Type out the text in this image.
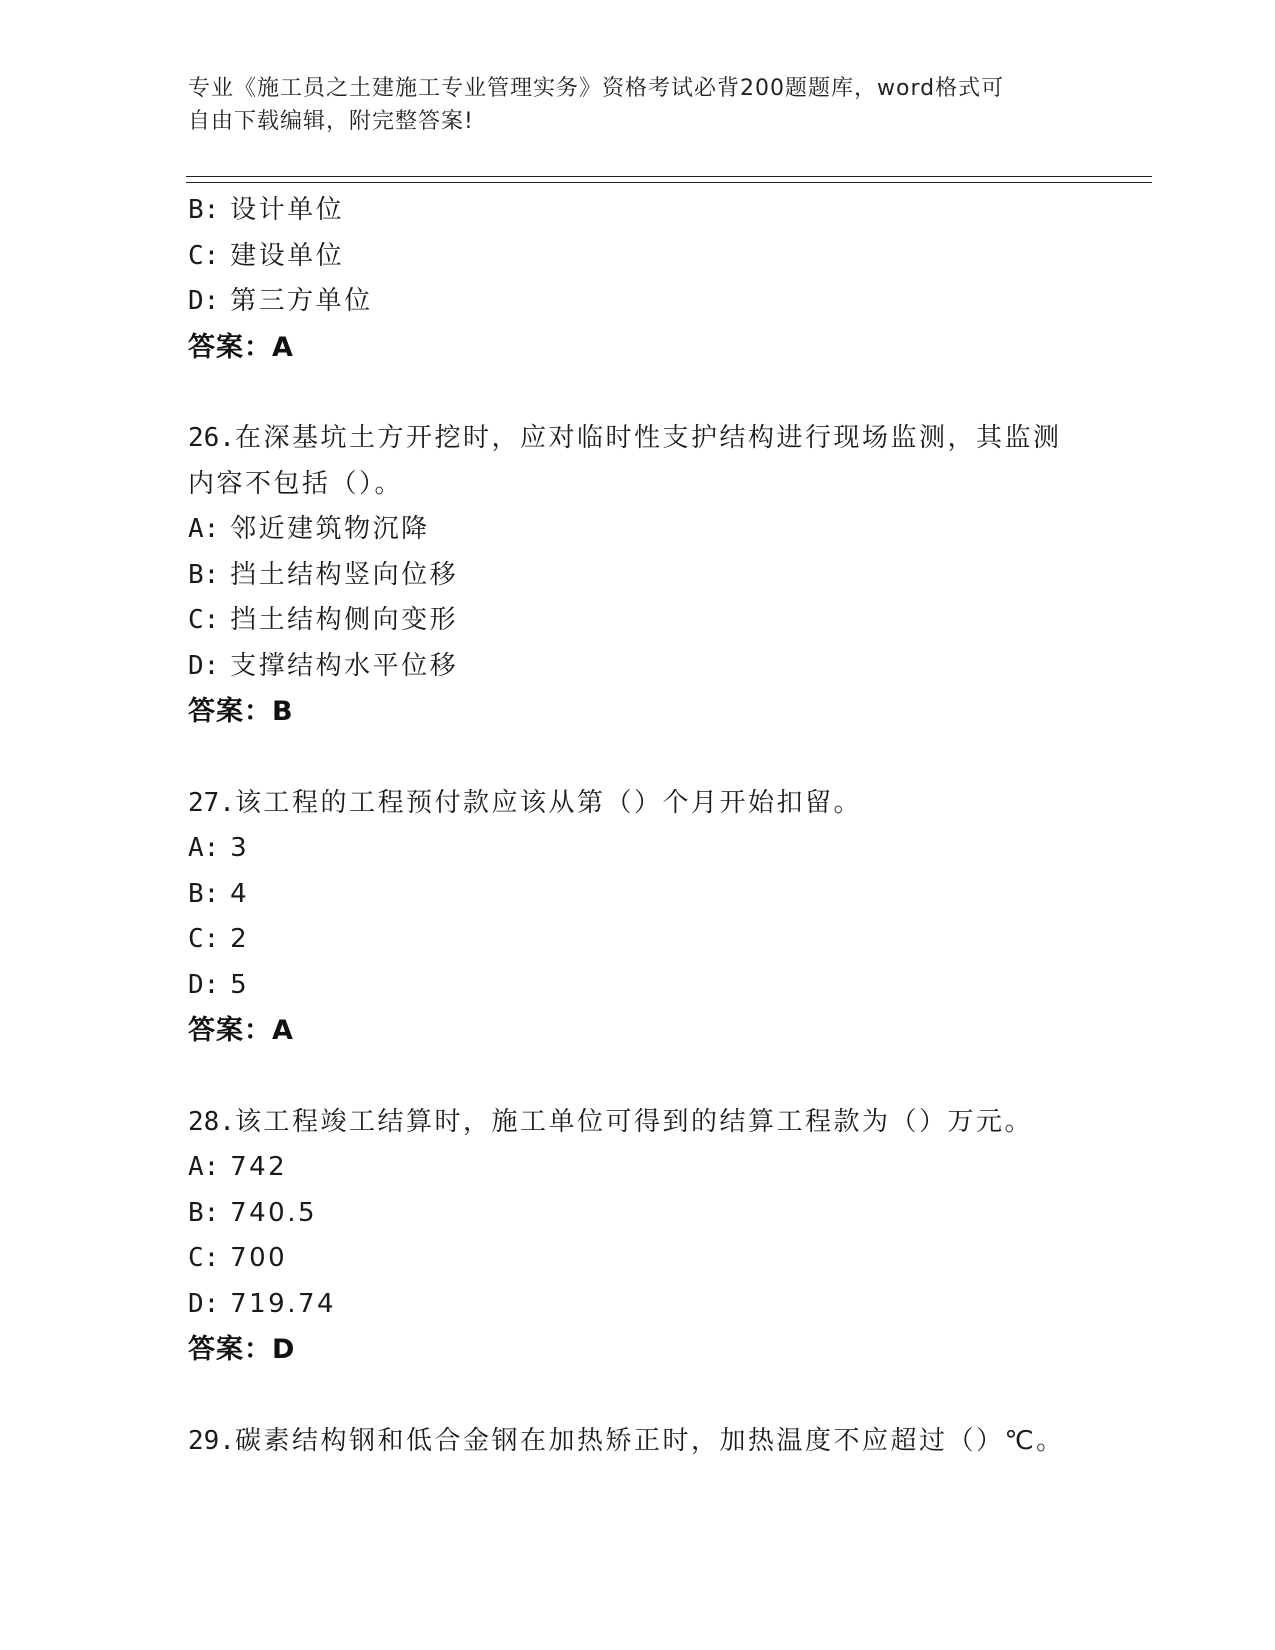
专业《施工员之土建施工专业管理实务》资格考试必背200题题库，word格式可
自由下载编辑，附完整答案!
B: 设计单位
C: 建设单位
D: 第三方单位
答案：A
26.在深基坑土方开挖时，应对临时性支护结构进行现场监测，其监测
内容不包括（）。
A: 邻近建筑物沉降
B: 挡土结构竖向位移
C: 挡土结构侧向变形
D: 支撑结构水平位移
答案：B
27.该工程的工程预付款应该从第（）个月开始扣留。
A: 3
B: 4
C: 2
D: 5
答案：A
28.该工程竣工结算时，施工单位可得到的结算工程款为（）万元。
A: 742
B: 740.5
C: 700
D: 719.74
答案：D
29.碳素结构钢和低合金钢在加热矫正时，加热温度不应超过（）℃。
